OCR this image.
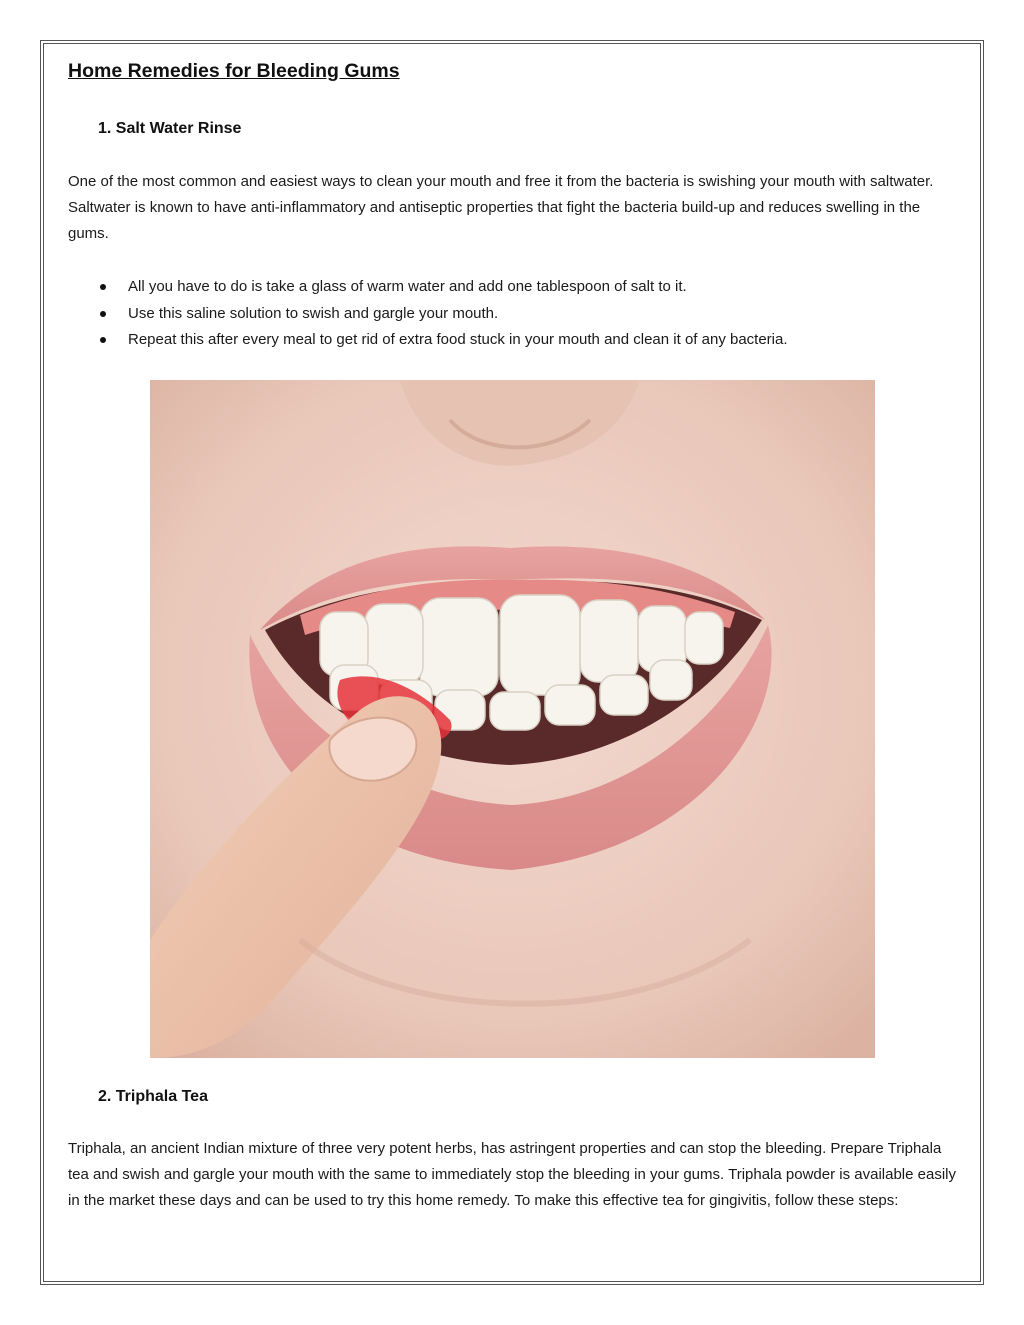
Home Remedies for Bleeding Gums
1. Salt Water Rinse

One of the most common and easiest ways to clean your mouth and free it from the bacteria is swishing your mouth with saltwater. Saltwater is known to have anti-inflammatory and antiseptic properties that fight the bacteria build-up and reduces swelling in the gums.

All you have to do is take a glass of warm water and add one tablespoon of salt to it.
Use this saline solution to swish and gargle your mouth.
Repeat this after every meal to get rid of extra food stuck in your mouth and clean it of any bacteria.
2. Triphala Tea

Triphala, an ancient Indian mixture of three very potent herbs, has astringent properties and can stop the bleeding. Prepare Triphala tea and swish and gargle your mouth with the same to immediately stop the bleeding in your gums. Triphala powder is available easily in the market these days and can be used to try this home remedy. To make this effective tea for gingivitis, follow these steps:
